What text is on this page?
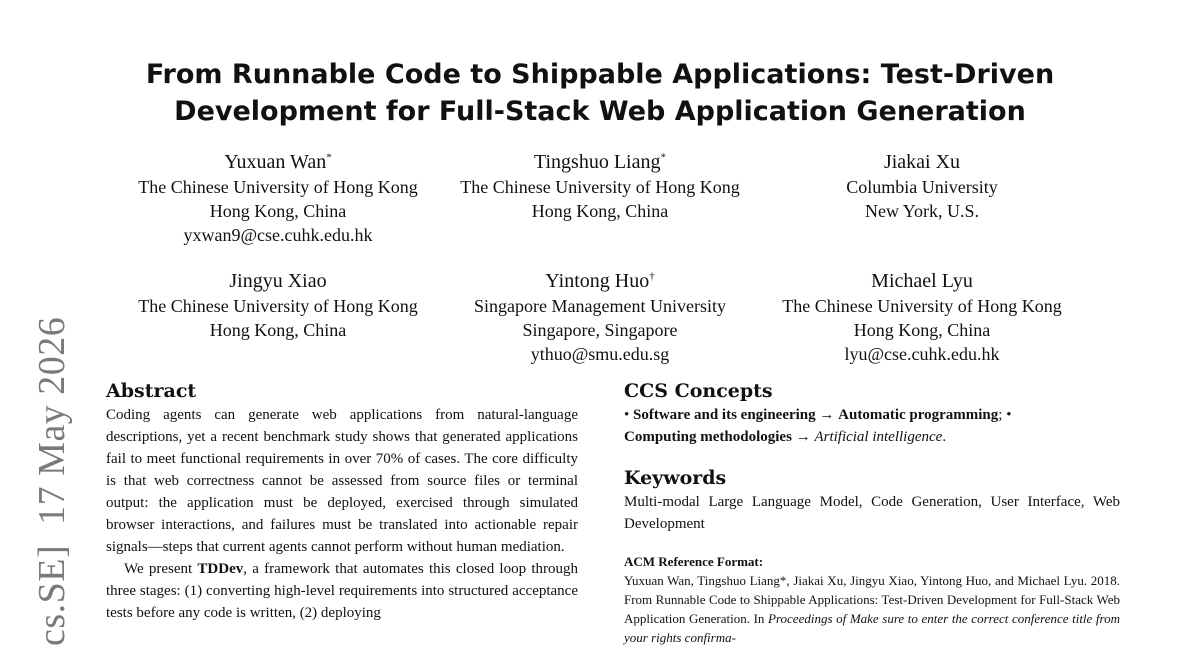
cs.SE]  17 May 2026
From Runnable Code to Shippable Applications: Test-Driven
Development for Full-Stack Web Application Generation
Yuxuan Wan*
The Chinese University of Hong Kong
Hong Kong, China
yxwan9@cse.cuhk.edu.hk
Tingshuo Liang*
The Chinese University of Hong Kong
Hong Kong, China
Jiakai Xu
Columbia University
New York, U.S.
Jingyu Xiao
The Chinese University of Hong Kong
Hong Kong, China
Yintong Huo†
Singapore Management University
Singapore, Singapore
ythuo@smu.edu.sg
Michael Lyu
The Chinese University of Hong Kong
Hong Kong, China
lyu@cse.cuhk.edu.hk
Abstract

Coding agents can generate web applications from natural-language descriptions, yet a recent benchmark study shows that generated applications fail to meet functional requirements in over 70% of cases. The core difficulty is that web correctness cannot be assessed from source files or terminal output: the application must be deployed, exercised through simulated browser interactions, and failures must be translated into actionable repair signals—steps that current agents cannot perform without human mediation.

We present TDDev, a framework that automates this closed loop through three stages: (1) converting high-level requirements into structured acceptance tests before any code is written, (2) deploying

CCS Concepts

• Software and its engineering → Automatic programming; •
Computing methodologies → Artificial intelligence.

Keywords

Multi-modal Large Language Model, Code Generation, User Interface, Web Development

ACM Reference Format:

Yuxuan Wan, Tingshuo Liang*, Jiakai Xu, Jingyu Xiao, Yintong Huo, and Michael Lyu. 2018. From Runnable Code to Shippable Applications: Test-Driven Development for Full-Stack Web Application Generation. In Proceedings of Make sure to enter the correct conference title from your rights confirma-
